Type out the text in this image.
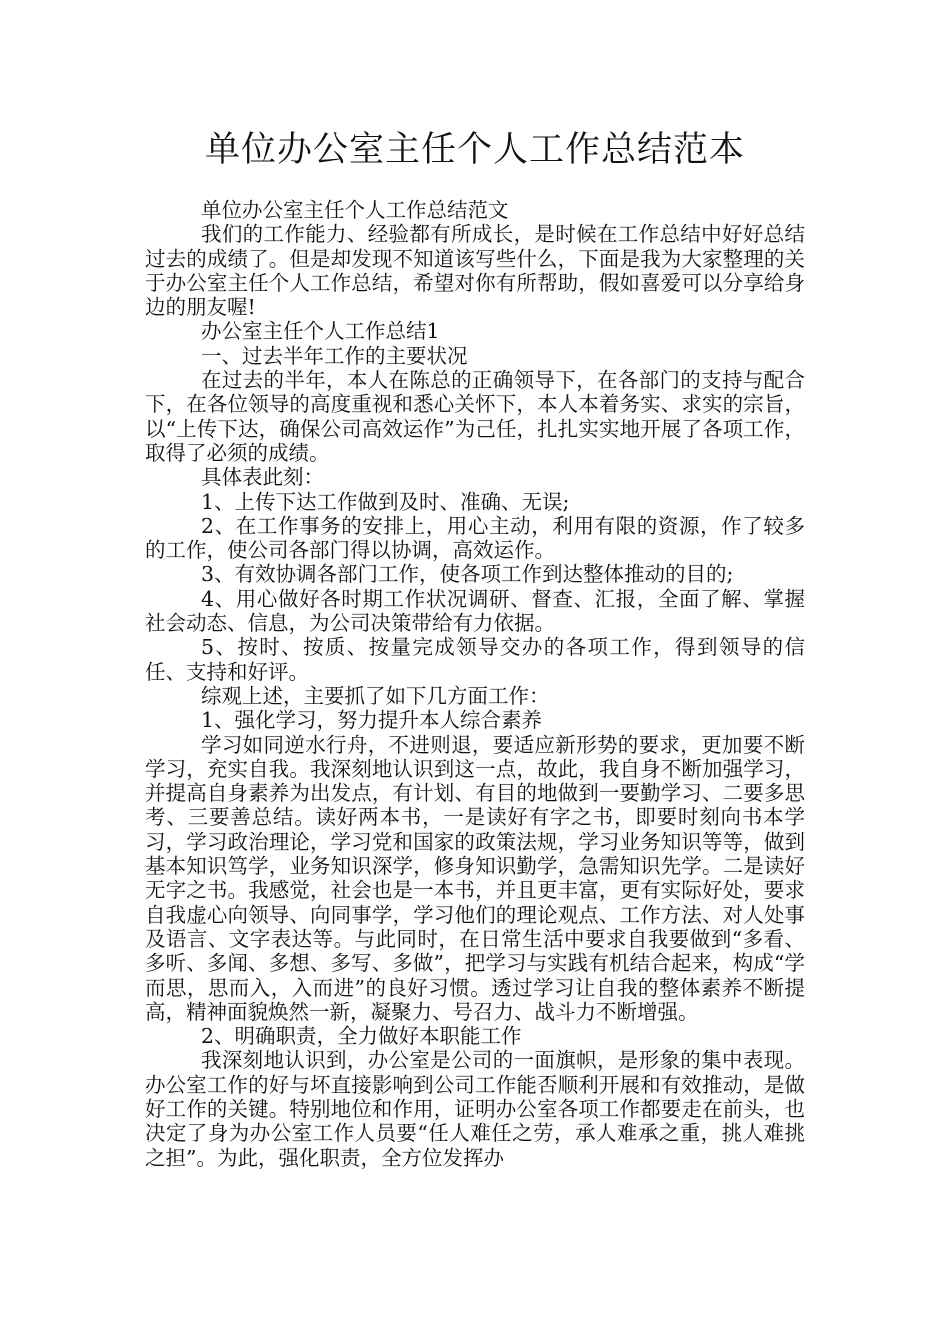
单位办公室主任个人工作总结范本

单位办公室主任个人工作总结范文

我们的工作能力、经验都有所成长，是时候在工作总结中好好总结过去的成绩了。但是却发现不知道该写些什么，下面是我为大家整理的关于办公室主任个人工作总结，希望对你有所帮助，假如喜爱可以分享给身边的朋友喔!

办公室主任个人工作总结1

一、过去半年工作的主要状况

在过去的半年，本人在陈总的正确领导下，在各部门的支持与配合下，在各位领导的高度重视和悉心关怀下，本人本着务实、求实的宗旨，以“上传下达，确保公司高效运作”为己任，扎扎实实地开展了各项工作，取得了必须的成绩。

具体表此刻：

1、上传下达工作做到及时、准确、无误;

2、在工作事务的安排上，用心主动，利用有限的资源，作了较多的工作，使公司各部门得以协调，高效运作。

3、有效协调各部门工作，使各项工作到达整体推动的目的;

4、用心做好各时期工作状况调研、督查、汇报，全面了解、掌握社会动态、信息，为公司决策带给有力依据。

5、按时、按质、按量完成领导交办的各项工作，得到领导的信任、支持和好评。

综观上述，主要抓了如下几方面工作：

1、强化学习，努力提升本人综合素养

学习如同逆水行舟，不进则退，要适应新形势的要求，更加要不断学习，充实自我。我深刻地认识到这一点，故此，我自身不断加强学习，并提高自身素养为出发点，有计划、有目的地做到一要勤学习、二要多思考、三要善总结。读好两本书，一是读好有字之书，即要时刻向书本学习，学习政治理论，学习党和国家的政策法规，学习业务知识等等，做到基本知识笃学，业务知识深学，修身知识勤学，急需知识先学。二是读好无字之书。我感觉，社会也是一本书，并且更丰富，更有实际好处，要求自我虚心向领导、向同事学，学习他们的理论观点、工作方法、对人处事及语言、文字表达等。与此同时，在日常生活中要求自我要做到“多看、多听、多闻、多想、多写、多做”，把学习与实践有机结合起来，构成“学而思，思而入，入而进”的良好习惯。透过学习让自我的整体素养不断提高，精神面貌焕然一新，凝聚力、号召力、战斗力不断增强。

2、明确职责，全力做好本职能工作

我深刻地认识到，办公室是公司的一面旗帜，是形象的集中表现。办公室工作的好与坏直接影响到公司工作能否顺利开展和有效推动，是做好工作的关键。特别地位和作用，证明办公室各项工作都要走在前头，也决定了身为办公室工作人员要“任人难任之劳，承人难承之重，挑人难挑之担”。为此，强化职责，全方位发挥办
